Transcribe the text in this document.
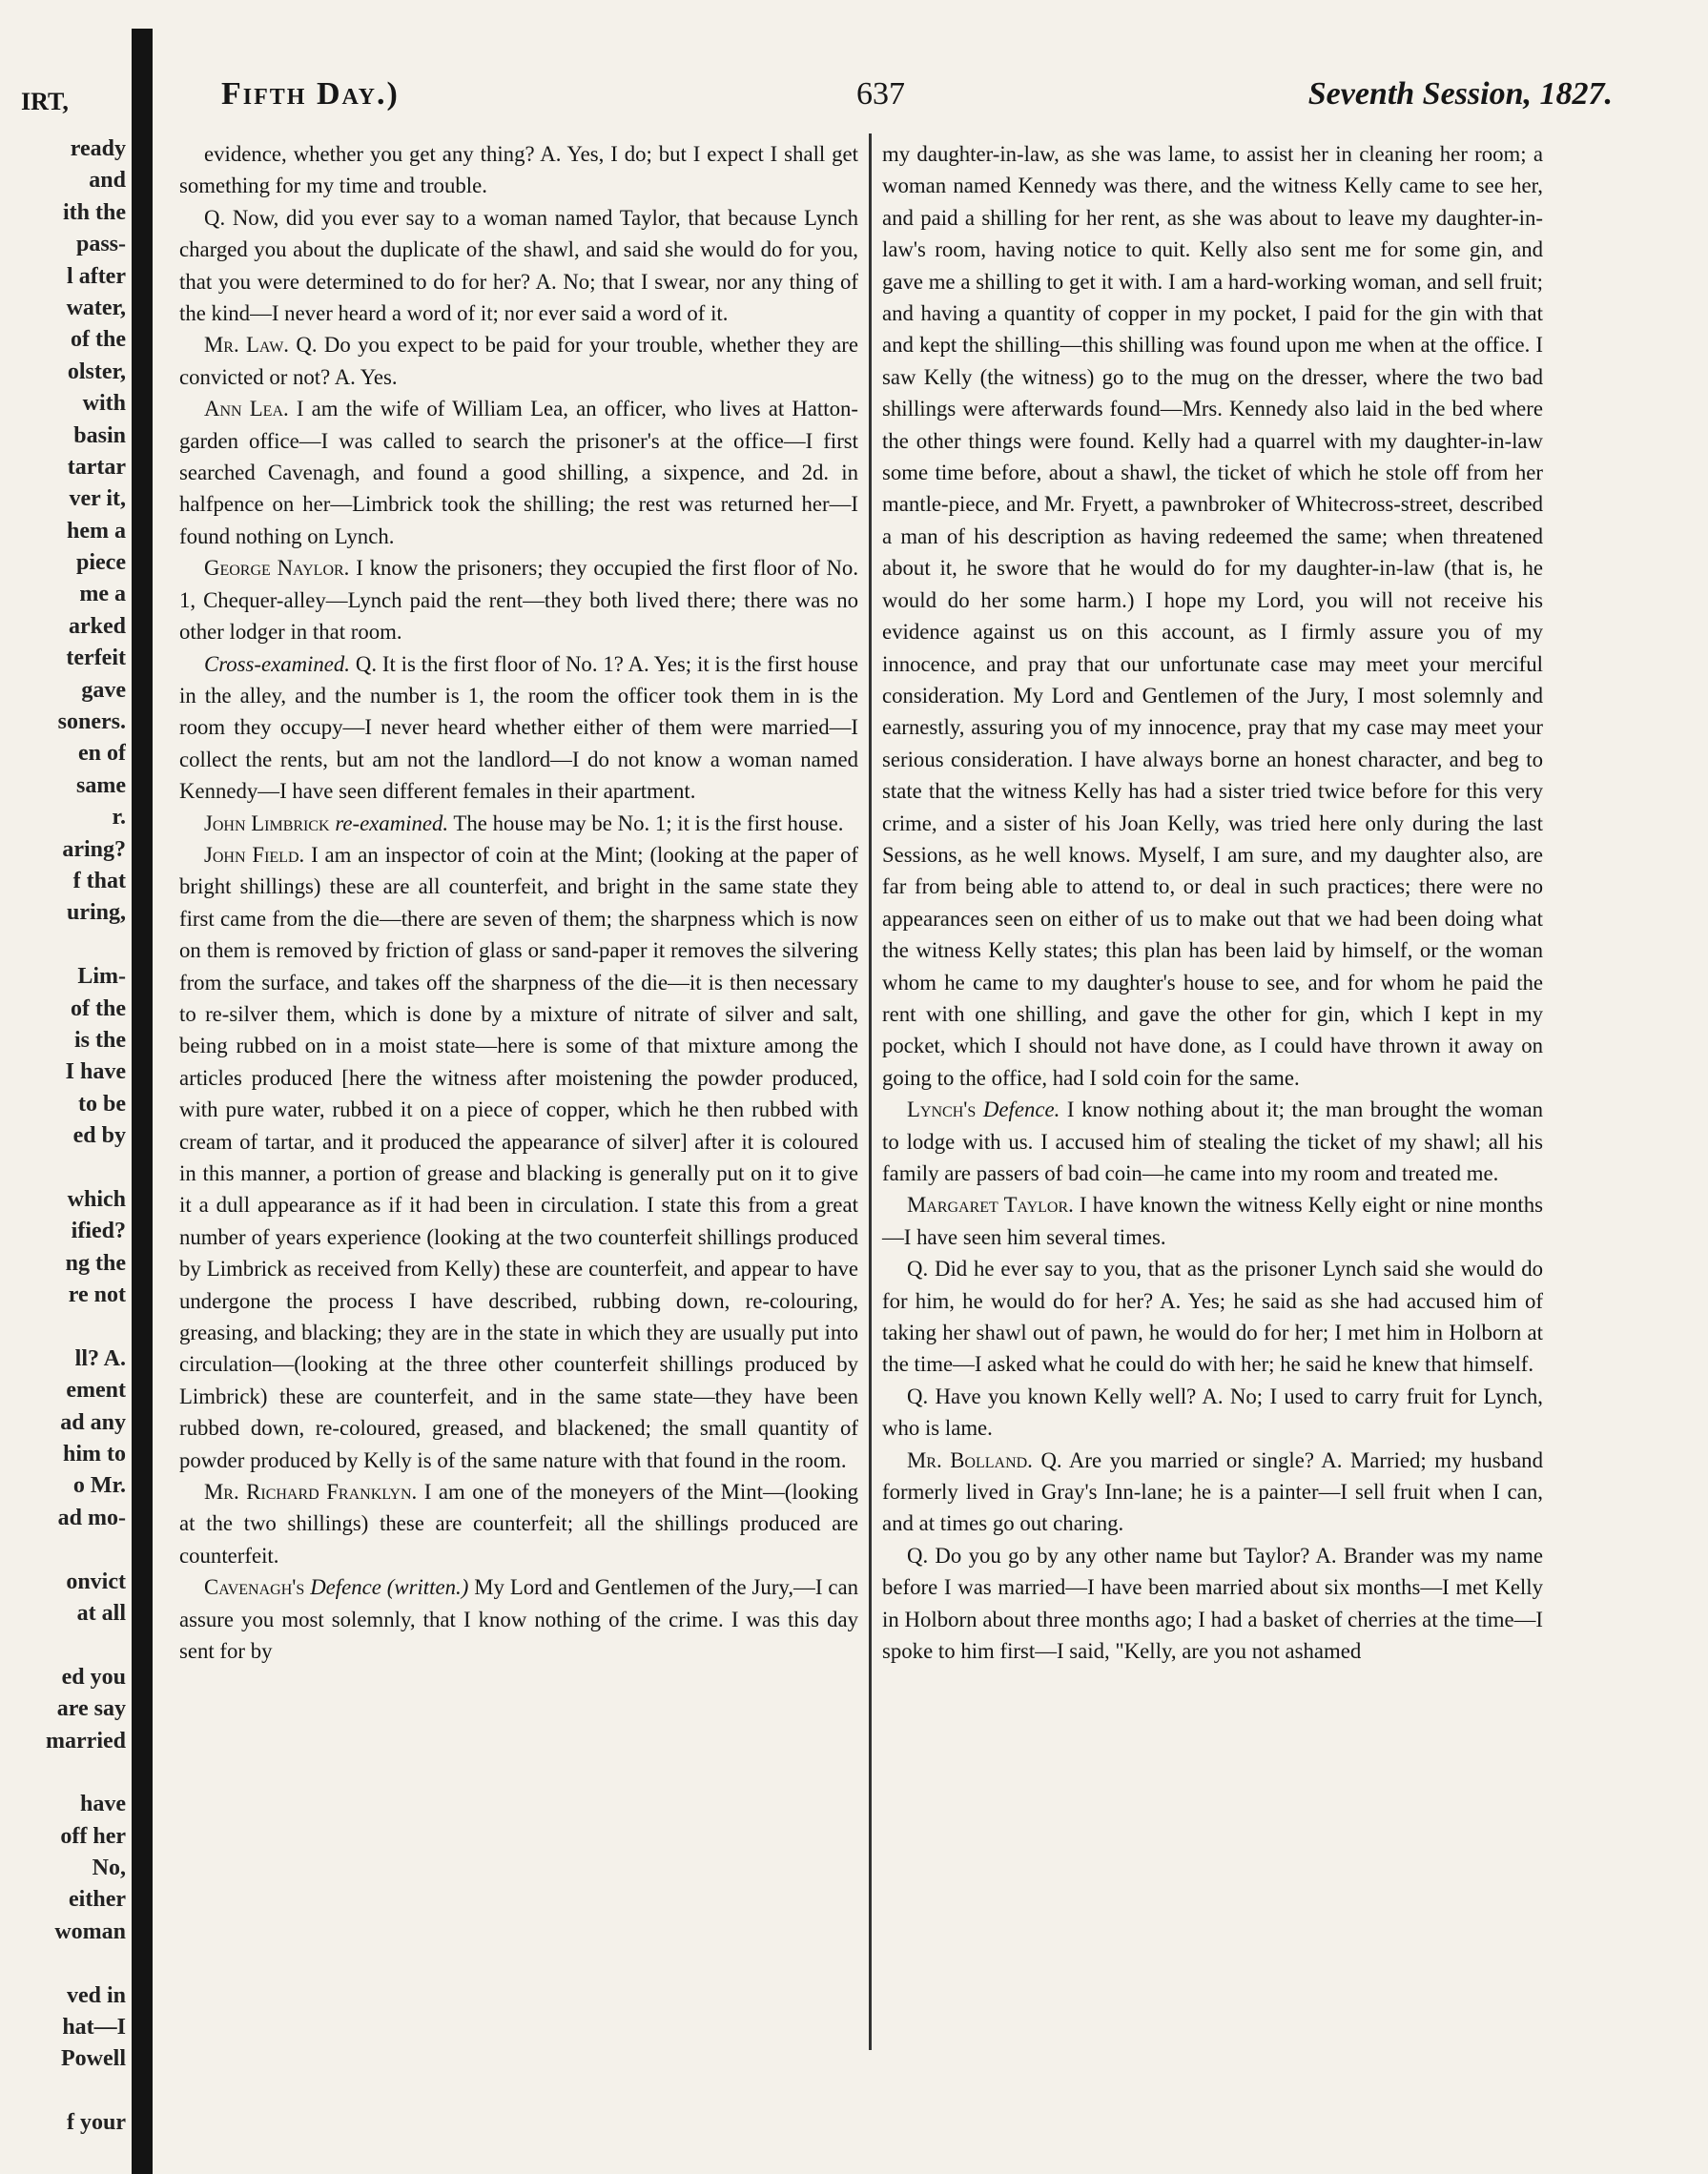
IRT,
ready
and
ith the
pass-
l after
water,
of the
olster,
with
basin
tartar
ver it,
hem a
piece
me a
arked
terfeit
gave
soners.
en of
same
r.
aring?
f that
uring,

Lim-
of the
is the
I have
to be
ed by

which
ified?
ng the
re not

ll? A.
ement
ad any
him to
o Mr.
ad mo-

onvict
at all

ed you
are say
married

have
off her
No,
either
woman

ved in
hat—I
Powell

f your
Fifth Day.)	637	Seventh Session, 1827.

evidence, whether you get any thing? A. Yes, I do; but I expect I shall get something for my time and trouble.

Q. Now, did you ever say to a woman named Taylor, that because Lynch charged you about the duplicate of the shawl, and said she would do for you, that you were determined to do for her? A. No; that I swear, nor any thing of the kind—I never heard a word of it; nor ever said a word of it.

Mr. Law. Q. Do you expect to be paid for your trouble, whether they are convicted or not? A. Yes.

Ann Lea. I am the wife of William Lea, an officer, who lives at Hatton-garden office—I was called to search the prisoner's at the office—I first searched Cavenagh, and found a good shilling, a sixpence, and 2d. in halfpence on her—Limbrick took the shilling; the rest was returned her—I found nothing on Lynch.

George Naylor. I know the prisoners; they occupied the first floor of No. 1, Chequer-alley—Lynch paid the rent—they both lived there; there was no other lodger in that room.

Cross-examined. Q. It is the first floor of No. 1? A. Yes; it is the first house in the alley, and the number is 1, the room the officer took them in is the room they occupy—I never heard whether either of them were married—I collect the rents, but am not the landlord—I do not know a woman named Kennedy—I have seen different females in their apartment.

John Limbrick re-examined. The house may be No. 1; it is the first house.

John Field. I am an inspector of coin at the Mint; (looking at the paper of bright shillings) these are all counterfeit, and bright in the same state they first came from the die—there are seven of them; the sharpness which is now on them is removed by friction of glass or sand-paper it removes the silvering from the surface, and takes off the sharpness of the die—it is then necessary to re-silver them, which is done by a mixture of nitrate of silver and salt, being rubbed on in a moist state—here is some of that mixture among the articles produced [here the witness after moistening the powder produced, with pure water, rubbed it on a piece of copper, which he then rubbed with cream of tartar, and it produced the appearance of silver] after it is coloured in this manner, a portion of grease and blacking is generally put on it to give it a dull appearance as if it had been in circulation. I state this from a great number of years experience (looking at the two counterfeit shillings produced by Limbrick as received from Kelly) these are counterfeit, and appear to have undergone the process I have described, rubbing down, re-colouring, greasing, and blacking; they are in the state in which they are usually put into circulation—(looking at the three other counterfeit shillings produced by Limbrick) these are counterfeit, and in the same state—they have been rubbed down, re-coloured, greased, and blackened; the small quantity of powder produced by Kelly is of the same nature with that found in the room.

Mr. Richard Franklyn. I am one of the moneyers of the Mint—(looking at the two shillings) these are counterfeit; all the shillings produced are counterfeit.

Cavenagh's Defence (written.) My Lord and Gentlemen of the Jury,—I can assure you most solemnly, that I know nothing of the crime. I was this day sent for by

my daughter-in-law, as she was lame, to assist her in cleaning her room; a woman named Kennedy was there, and the witness Kelly came to see her, and paid a shilling for her rent, as she was about to leave my daughter-in-law's room, having notice to quit. Kelly also sent me for some gin, and gave me a shilling to get it with. I am a hard-working woman, and sell fruit; and having a quantity of copper in my pocket, I paid for the gin with that and kept the shilling—this shilling was found upon me when at the office. I saw Kelly (the witness) go to the mug on the dresser, where the two bad shillings were afterwards found—Mrs. Kennedy also laid in the bed where the other things were found. Kelly had a quarrel with my daughter-in-law some time before, about a shawl, the ticket of which he stole off from her mantle-piece, and Mr. Fryett, a pawnbroker of Whitecross-street, described a man of his description as having redeemed the same; when threatened about it, he swore that he would do for my daughter-in-law (that is, he would do her some harm.) I hope my Lord, you will not receive his evidence against us on this account, as I firmly assure you of my innocence, and pray that our unfortunate case may meet your merciful consideration. My Lord and Gentlemen of the Jury, I most solemnly and earnestly, assuring you of my innocence, pray that my case may meet your serious consideration. I have always borne an honest character, and beg to state that the witness Kelly has had a sister tried twice before for this very crime, and a sister of his Joan Kelly, was tried here only during the last Sessions, as he well knows. Myself, I am sure, and my daughter also, are far from being able to attend to, or deal in such practices; there were no appearances seen on either of us to make out that we had been doing what the witness Kelly states; this plan has been laid by himself, or the woman whom he came to my daughter's house to see, and for whom he paid the rent with one shilling, and gave the other for gin, which I kept in my pocket, which I should not have done, as I could have thrown it away on going to the office, had I sold coin for the same.

Lynch's Defence. I know nothing about it; the man brought the woman to lodge with us. I accused him of stealing the ticket of my shawl; all his family are passers of bad coin—he came into my room and treated me.

Margaret Taylor. I have known the witness Kelly eight or nine months—I have seen him several times.

Q. Did he ever say to you, that as the prisoner Lynch said she would do for him, he would do for her? A. Yes; he said as she had accused him of taking her shawl out of pawn, he would do for her; I met him in Holborn at the time—I asked what he could do with her; he said he knew that himself.

Q. Have you known Kelly well? A. No; I used to carry fruit for Lynch, who is lame.

Mr. Bolland. Q. Are you married or single? A. Married; my husband formerly lived in Gray's Inn-lane; he is a painter—I sell fruit when I can, and at times go out charing.

Q. Do you go by any other name but Taylor? A. Brander was my name before I was married—I have been married about six months—I met Kelly in Holborn about three months ago; I had a basket of cherries at the time—I spoke to him first—I said, "Kelly, are you not ashamed
